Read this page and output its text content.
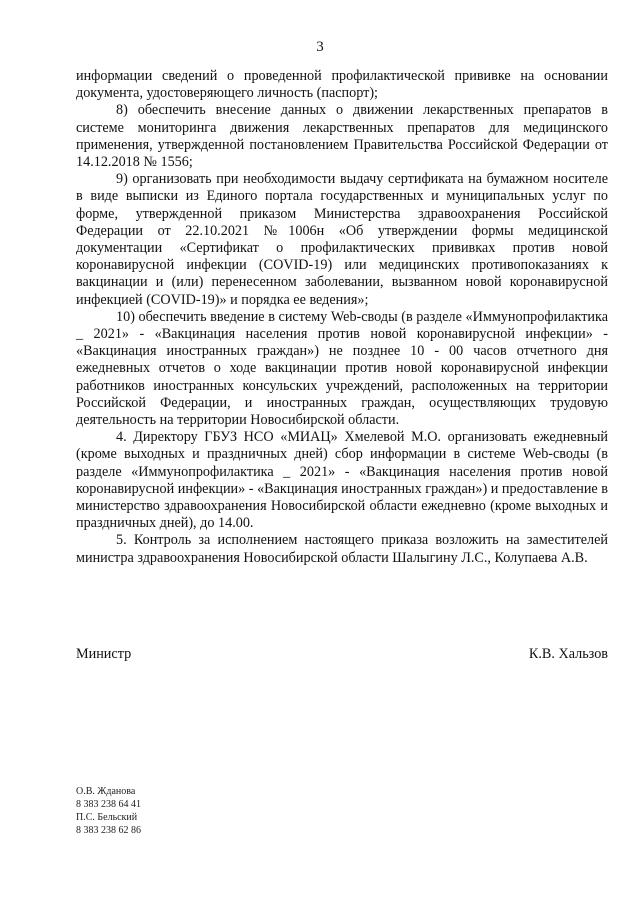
3

информации сведений о проведенной профилактической прививке на основании документа, удостоверяющего личность (паспорт);

8) обеспечить внесение данных о движении лекарственных препаратов в системе мониторинга движения лекарственных препаратов для медицинского применения, утвержденной постановлением Правительства Российской Федерации от 14.12.2018 № 1556;

9) организовать при необходимости выдачу сертификата на бумажном носителе в виде выписки из Единого портала государственных и муниципальных услуг по форме, утвержденной приказом Министерства здравоохранения Российской Федерации от 22.10.2021 №1006н «Об утверждении формы медицинской документации «Сертификат о профилактических прививках против новой коронавирусной инфекции (COVID-19) или медицинских противопоказаниях к вакцинации и (или) перенесенном заболевании, вызванном новой коронавирусной инфекцией (COVID-19)» и порядка ее ведения»;

10) обеспечить введение в систему Web-своды (в разделе «Иммунопрофилактика _ 2021» - «Вакцинация населения против новой коронавирусной инфекции» - «Вакцинация иностранных граждан») не позднее 10 - 00 часов отчетного дня ежедневных отчетов о ходе вакцинации против новой коронавирусной инфекции работников иностранных консульских учреждений, расположенных на территории Российской Федерации, и иностранных граждан, осуществляющих трудовую деятельность на территории Новосибирской области.

4. Директору ГБУЗ НСО «МИАЦ» Хмелевой М.О. организовать ежедневный (кроме выходных и праздничных дней) сбор информации в системе Web-своды (в разделе «Иммунопрофилактика _ 2021» - «Вакцинация населения против новой коронавирусной инфекции» - «Вакцинация иностранных граждан») и предоставление в министерство здравоохранения Новосибирской области ежедневно (кроме выходных и праздничных дней), до 14.00.

5. Контроль за исполнением настоящего приказа возложить на заместителей министра здравоохранения Новосибирской области Шалыгину Л.С., Колупаева А.В.

Министр	К.В. Хальзов
О.В. Жданова
8 383 238 64 41
П.С. Бельский
8 383 238 62 86
